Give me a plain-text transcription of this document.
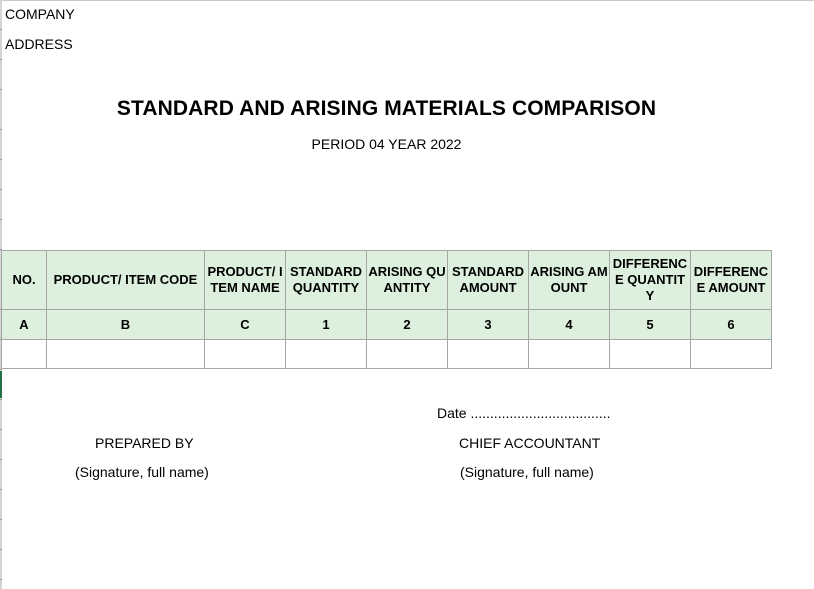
COMPANY
ADDRESS
STANDARD AND ARISING MATERIALS COMPARISON
PERIOD 04 YEAR 2022
NO.	PRODUCT/ ITEM CODE	PRODUCT/ ITEM NAME	STANDARD QUANTITY	ARISING QUANTITY	STANDARD AMOUNT	ARISING AMOUNT	DIFFERENCE QUANTITY	DIFFERENCE AMOUNT
A	B	C	1	2	3	4	5	6

Date ....................................
PREPARED BY
(Signature, full name)
CHIEF ACCOUNTANT
(Signature, full name)
